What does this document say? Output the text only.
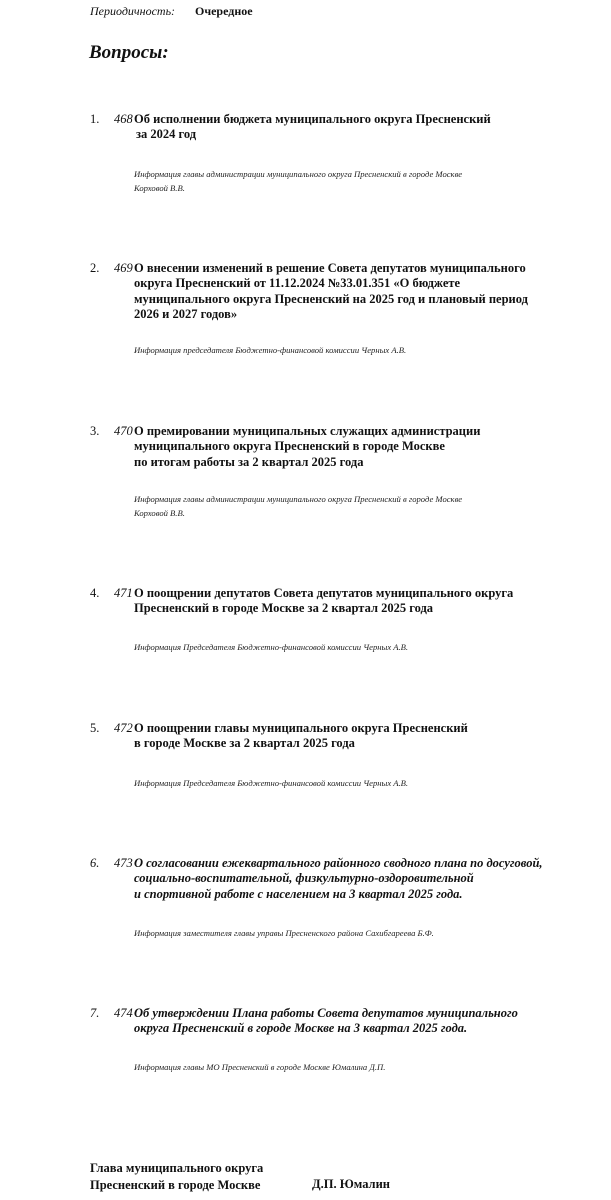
Периодичность: Очередное
Вопросы:
1. 468 Об исполнении бюджета муниципального округа Пресненский
за 2024 год
Информация главы администрации муниципального округа Пресненский в городе Москве
Корховой В.В.
2. 469 О внесении изменений в решение Совета депутатов муниципального
округа Пресненский от 11.12.2024 №33.01.351 «О бюджете
муниципального округа Пресненский на 2025 год и плановый период
2026 и 2027 годов»
Информация председателя Бюджетно-финансовой комиссии Черных А.В.
3. 470 О премировании муниципальных служащих администрации
муниципального округа Пресненский в городе Москве
по итогам работы за 2 квартал 2025 года
Информация главы администрации муниципального округа Пресненский в городе Москве
Корховой В.В.
4. 471 О поощрении депутатов Совета депутатов муниципального округа
Пресненский в городе Москве за 2 квартал 2025 года
Информация Председателя Бюджетно-финансовой комиссии Черных А.В.
5. 472 О поощрении главы муниципального округа Пресненский
в городе Москве за 2 квартал 2025 года
Информация Председателя Бюджетно-финансовой комиссии Черных А.В.
6. 473 О согласовании ежеквартального районного сводного плана по досуговой,
социально-воспитательной, физкультурно-оздоровительной
и спортивной работе с населением на 3 квартал 2025 года.
Информация заместителя главы управы Пресненского района Сахибгареева Б.Ф.
7. 474 Об утверждении Плана работы Совета депутатов муниципального
округа Пресненский в городе Москве на 3 квартал 2025 года.
Информация главы МО Пресненский в городе Москве Юмалина Д.П.
Глава муниципального округа
Пресненский в городе Москве	Д.П. Юмалин
